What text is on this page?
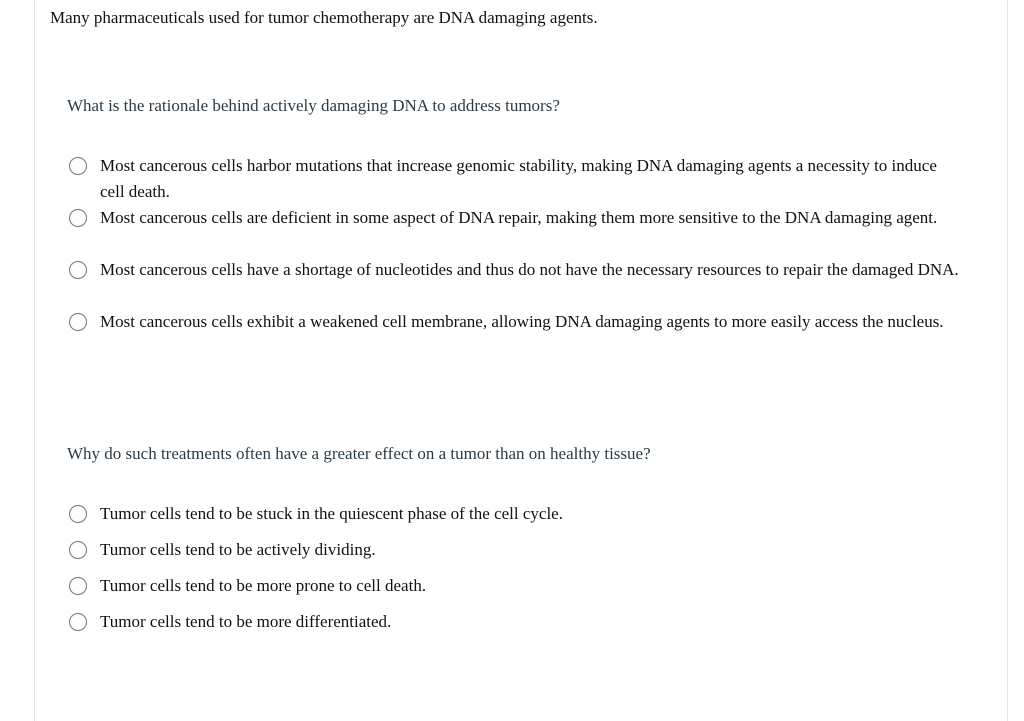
Many pharmaceuticals used for tumor chemotherapy are DNA damaging agents.
What is the rationale behind actively damaging DNA to address tumors?
Most cancerous cells harbor mutations that increase genomic stability, making DNA damaging agents a necessity to induce cell death.
Most cancerous cells are deficient in some aspect of DNA repair, making them more sensitive to the DNA damaging agent.
Most cancerous cells have a shortage of nucleotides and thus do not have the necessary resources to repair the damaged DNA.
Most cancerous cells exhibit a weakened cell membrane, allowing DNA damaging agents to more easily access the nucleus.
Why do such treatments often have a greater effect on a tumor than on healthy tissue?
Tumor cells tend to be stuck in the quiescent phase of the cell cycle.
Tumor cells tend to be actively dividing.
Tumor cells tend to be more prone to cell death.
Tumor cells tend to be more differentiated.
